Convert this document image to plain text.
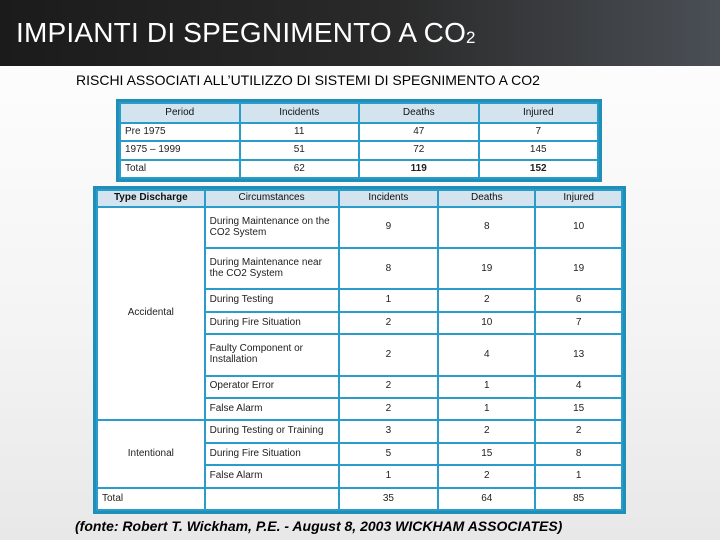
IMPIANTI DI SPEGNIMENTO A $CO_2$
RISCHI ASSOCIATI ALL’UTILIZZO DI SISTEMI DI SPEGNIMENTO A CO2
Period	Incidents	Deaths	Injured
Pre 1975	11	47	7
1975 – 1999	51	72	145
Total	62	119	152
Type Discharge	Circumstances	Incidents	Deaths	Injured
Accidental	During Maintenance on the CO2 System	9	8	10
	During Maintenance near the CO2 System	8	19	19
	During Testing	1	2	6
	During Fire Situation	2	10	7
	Faulty Component or Installation	2	4	13
	Operator Error	2	1	4
	False Alarm	2	1	15
Intentional	During Testing or Training	3	2	2
	During Fire Situation	5	15	8
	False Alarm	1	2	1
Total		35	64	85
(fonte: Robert T. Wickham, P.E. - August 8, 2003 WICKHAM ASSOCIATES)
